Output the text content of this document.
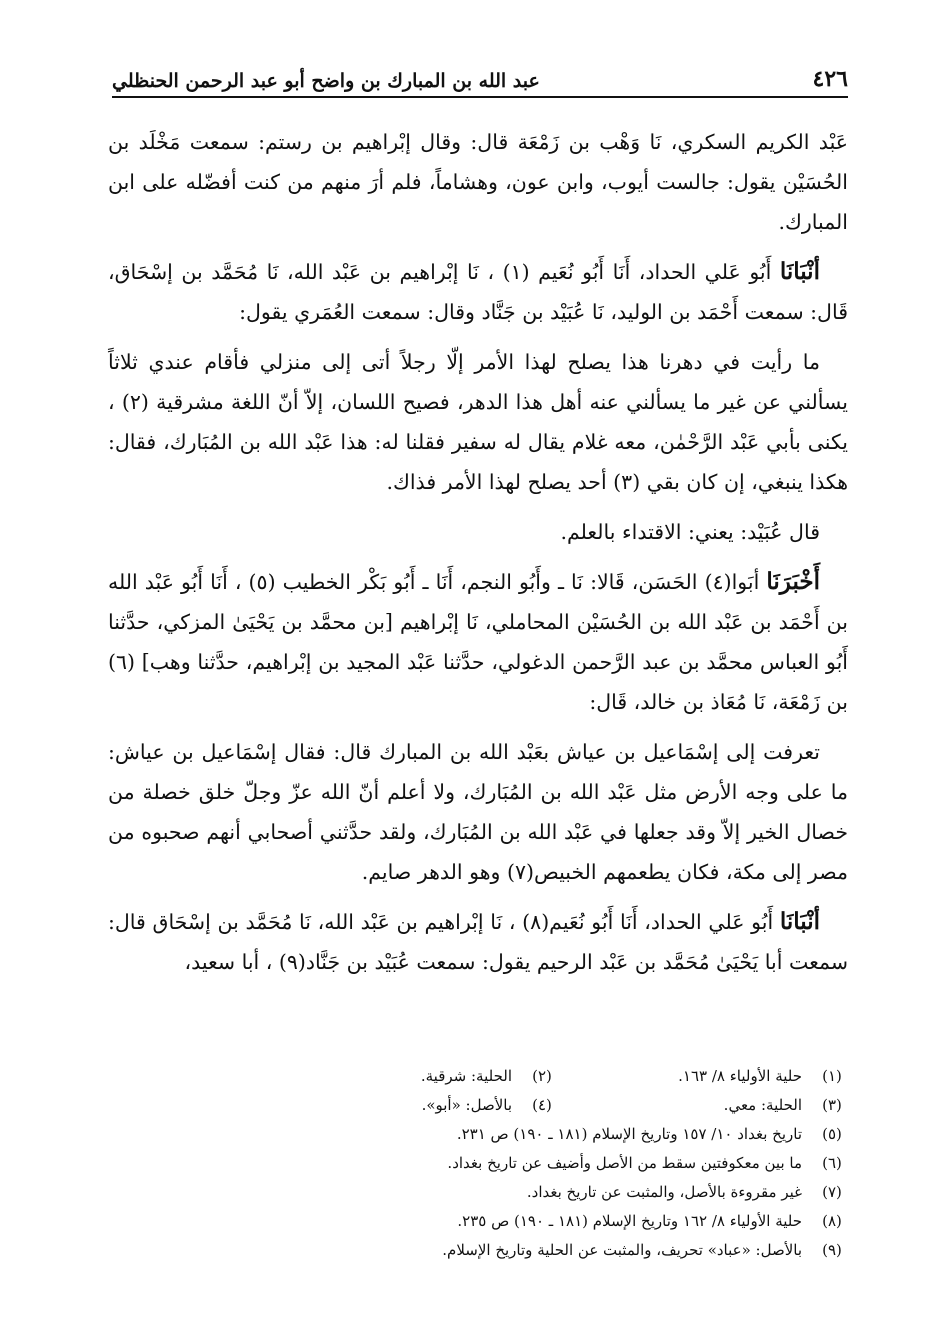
عبد الله بن المبارك بن واضح أبو عبد الرحمن الحنظلي	٤٢٦

عَبْد الكريم السكري، نَا وَهْب بن زَمْعَة قال: وقال إبْراهيم بن رستم: سمعت مَخْلَد بن الحُسَيْن يقول: جالست أيوب، وابن عون، وهشاماً، فلم أرَ منهم من كنت أفضّله على ابن المبارك.

أنْبَانَا أَبُو عَلي الحداد، أَنَا أَبُو نُعَيم (١) ، نَا إبْراهيم بن عَبْد الله، نَا مُحَمَّد بن إسْحَاق، قَال: سمعت أَحْمَد بن الوليد، نَا عُبَيْد بن جَنَّاد وقال: سمعت العُمَري يقول:

ما رأيت في دهرنا هذا يصلح لهذا الأمر إلّا رجلاً أتى إلى منزلي فأقام عندي ثلاثاً يسألني عن غير ما يسألني عنه أهل هذا الدهر، فصيح اللسان، إلاّ أنّ اللغة مشرقية (٢) ، يكنى بأبي عَبْد الرَّحْمٰن، معه غلام يقال له سفير فقلنا له: هذا عَبْد الله بن المُبَارك، فقال: هكذا ينبغي، إن كان بقي (٣) أحد يصلح لهذا الأمر فذاك.

قال عُبَيْد: يعني: الاقتداء بالعلم.

أَخْبَرَنَا أبَوا(٤) الحَسَن، قَالا: نَا ـ وأَبُو النجم، أَنَا ـ أَبُو بَكْر الخطيب (٥) ، أَنَا أَبُو عَبْد الله بن أَحْمَد بن عَبْد الله بن الحُسَيْن المحاملي، نَا إبْراهيم [بن محمَّد بن يَحْيَىٰ المزكي، حدَّثنا أَبُو العباس محمَّد بن عبد الرَّحمن الدغولي، حدَّثنا عَبْد المجيد بن إبْراهيم، حدَّثنا وهب] (٦) بن زَمْعَة، نَا مُعَاذ بن خالد، قَال:

تعرفت إلى إسْمَاعيل بن عياش بعَبْد الله بن المبارك قال: فقال إسْمَاعيل بن عياش: ما على وجه الأرض مثل عَبْد الله بن المُبَارك، ولا أعلم أنّ الله عزّ وجلّ خلق خصلة من خصال الخير إلاّ وقد جعلها في عَبْد الله بن المُبَارك، ولقد حدَّثني أصحابي أنهم صحبوه من مصر إلى مكة، فكان يطعمهم الخبيص(٧) وهو الدهر صايم.

أنْبَانَا أَبُو عَلي الحداد، أَنَا أَبُو نُعَيم(٨) ، نَا إبْراهيم بن عَبْد الله، نَا مُحَمَّد بن إسْحَاق قال: سمعت أبا يَحْيَىٰ مُحَمَّد بن عَبْد الرحيم يقول: سمعت عُبَيْد بن جَنَّاد(٩) ، أبا سعيد،

(١)
حلية الأولياء ٨/ ١٦٣.
(٢)
الحلية: شرقية.
(٣)
الحلية: معي.
(٤)
بالأصل: «أبو».
(٥)
تاريخ بغداد ١٠/ ١٥٧ وتاريخ الإسلام (١٨١ ـ ١٩٠) ص ٢٣١.
(٦)
ما بين معكوفتين سقط من الأصل وأضيف عن تاريخ بغداد.
(٧)
غير مقروءة بالأصل، والمثبت عن تاريخ بغداد.
(٨)
حلية الأولياء ٨/ ١٦٢ وتاريخ الإسلام (١٨١ ـ ١٩٠) ص ٢٣٥.
(٩)
بالأصل: «عباد» تحريف، والمثبت عن الحلية وتاريخ الإسلام.
